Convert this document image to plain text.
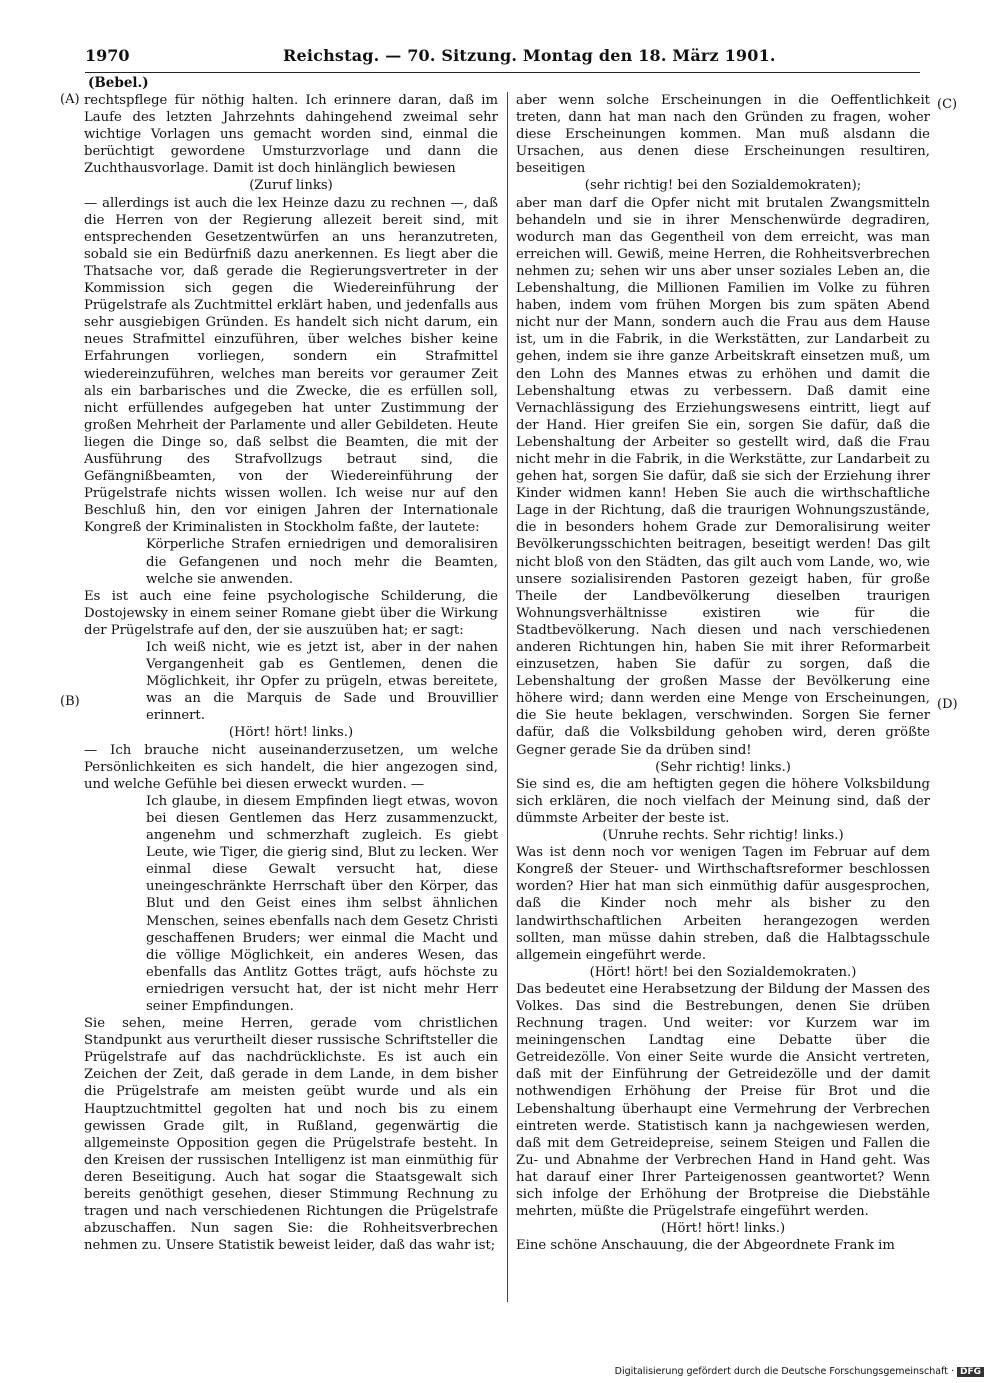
1970	Reichstag. — 70. Sitzung. Montag den 18. März 1901.
(Bebel.)
(A)
(B)
(C)
(D)

rechtspflege für nöthig halten. Ich erinnere daran, daß im Laufe des letzten Jahrzehnts dahingehend zweimal sehr wichtige Vorlagen uns gemacht worden sind, einmal die berüchtigt gewordene Umsturzvorlage und dann die Zuchthausvorlage. Damit ist doch hinlänglich bewiesen

(Zuruf links)

— allerdings ist auch die lex Heinze dazu zu rechnen —, daß die Herren von der Regierung allezeit bereit sind, mit entsprechenden Gesetzentwürfen an uns heranzutreten, sobald sie ein Bedürfniß dazu anerkennen. Es liegt aber die Thatsache vor, daß gerade die Regierungsvertreter in der Kommission sich gegen die Wiedereinführung der Prügelstrafe als Zuchtmittel erklärt haben, und jedenfalls aus sehr ausgiebigen Gründen. Es handelt sich nicht darum, ein neues Strafmittel einzuführen, über welches bisher keine Erfahrungen vorliegen, sondern ein Strafmittel wiedereinzuführen, welches man bereits vor geraumer Zeit als ein barbarisches und die Zwecke, die es erfüllen soll, nicht erfüllendes aufgegeben hat unter Zustimmung der großen Mehrheit der Parlamente und aller Gebildeten. Heute liegen die Dinge so, daß selbst die Beamten, die mit der Ausführung des Strafvollzugs betraut sind, die Gefängnißbeamten, von der Wiedereinführung der Prügelstrafe nichts wissen wollen. Ich weise nur auf den Beschluß hin, den vor einigen Jahren der Internationale Kongreß der Kriminalisten in Stockholm faßte, der lautete:

Körperliche Strafen erniedrigen und demoralisiren die Gefangenen und noch mehr die Beamten, welche sie anwenden.

Es ist auch eine feine psychologische Schilderung, die Dostojewsky in einem seiner Romane giebt über die Wirkung der Prügelstrafe auf den, der sie auszuüben hat; er sagt:

Ich weiß nicht, wie es jetzt ist, aber in der nahen Vergangenheit gab es Gentlemen, denen die Möglichkeit, ihr Opfer zu prügeln, etwas bereitete, was an die Marquis de Sade und Brouvillier erinnert.

(Hört! hört! links.)

— Ich brauche nicht auseinanderzusetzen, um welche Persönlichkeiten es sich handelt, die hier angezogen sind, und welche Gefühle bei diesen erweckt wurden. —

Ich glaube, in diesem Empfinden liegt etwas, wovon bei diesen Gentlemen das Herz zusammenzuckt, angenehm und schmerzhaft zugleich. Es giebt Leute, wie Tiger, die gierig sind, Blut zu lecken. Wer einmal diese Gewalt versucht hat, diese uneingeschränkte Herrschaft über den Körper, das Blut und den Geist eines ihm selbst ähnlichen Menschen, seines ebenfalls nach dem Gesetz Christi geschaffenen Bruders; wer einmal die Macht und die völlige Möglichkeit, ein anderes Wesen, das ebenfalls das Antlitz Gottes trägt, aufs höchste zu erniedrigen versucht hat, der ist nicht mehr Herr seiner Empfindungen.

Sie sehen, meine Herren, gerade vom christlichen Standpunkt aus verurtheilt dieser russische Schriftsteller die Prügelstrafe auf das nachdrücklichste. Es ist auch ein Zeichen der Zeit, daß gerade in dem Lande, in dem bisher die Prügelstrafe am meisten geübt wurde und als ein Hauptzuchtmittel gegolten hat und noch bis zu einem gewissen Grade gilt, in Rußland, gegenwärtig die allgemeinste Opposition gegen die Prügelstrafe besteht. In den Kreisen der russischen Intelligenz ist man einmüthig für deren Beseitigung. Auch hat sogar die Staatsgewalt sich bereits genöthigt gesehen, dieser Stimmung Rechnung zu tragen und nach verschiedenen Richtungen die Prügelstrafe abzuschaffen. Nun sagen Sie: die Rohheitsverbrechen nehmen zu. Unsere Statistik beweist leider, daß das wahr ist;

aber wenn solche Erscheinungen in die Oeffentlichkeit treten, dann hat man nach den Gründen zu fragen, woher diese Erscheinungen kommen. Man muß alsdann die Ursachen, aus denen diese Erscheinungen resultiren, beseitigen

(sehr richtig! bei den Sozialdemokraten);

aber man darf die Opfer nicht mit brutalen Zwangsmitteln behandeln und sie in ihrer Menschenwürde degradiren, wodurch man das Gegentheil von dem erreicht, was man erreichen will. Gewiß, meine Herren, die Rohheitsverbrechen nehmen zu; sehen wir uns aber unser soziales Leben an, die Lebenshaltung, die Millionen Familien im Volke zu führen haben, indem vom frühen Morgen bis zum späten Abend nicht nur der Mann, sondern auch die Frau aus dem Hause ist, um in die Fabrik, in die Werkstätten, zur Landarbeit zu gehen, indem sie ihre ganze Arbeitskraft einsetzen muß, um den Lohn des Mannes etwas zu erhöhen und damit die Lebenshaltung etwas zu verbessern. Daß damit eine Vernachlässigung des Erziehungswesens eintritt, liegt auf der Hand. Hier greifen Sie ein, sorgen Sie dafür, daß die Lebenshaltung der Arbeiter so gestellt wird, daß die Frau nicht mehr in die Fabrik, in die Werkstätte, zur Landarbeit zu gehen hat, sorgen Sie dafür, daß sie sich der Erziehung ihrer Kinder widmen kann! Heben Sie auch die wirthschaftliche Lage in der Richtung, daß die traurigen Wohnungszustände, die in besonders hohem Grade zur Demoralisirung weiter Bevölkerungsschichten beitragen, beseitigt werden! Das gilt nicht bloß von den Städten, das gilt auch vom Lande, wo, wie unsere sozialisirenden Pastoren gezeigt haben, für große Theile der Landbevölkerung dieselben traurigen Wohnungsverhältnisse existiren wie für die Stadtbevölkerung. Nach diesen und nach verschiedenen anderen Richtungen hin, haben Sie mit ihrer Reformarbeit einzusetzen, haben Sie dafür zu sorgen, daß die Lebenshaltung der großen Masse der Bevölkerung eine höhere wird; dann werden eine Menge von Erscheinungen, die Sie heute beklagen, verschwinden. Sorgen Sie ferner dafür, daß die Volksbildung gehoben wird, deren größte Gegner gerade Sie da drüben sind!

(Sehr richtig! links.)

Sie sind es, die am heftigten gegen die höhere Volksbildung sich erklären, die noch vielfach der Meinung sind, daß der dümmste Arbeiter der beste ist.

(Unruhe rechts. Sehr richtig! links.)

Was ist denn noch vor wenigen Tagen im Februar auf dem Kongreß der Steuer- und Wirthschaftsreformer beschlossen worden? Hier hat man sich einmüthig dafür ausgesprochen, daß die Kinder noch mehr als bisher zu den landwirthschaftlichen Arbeiten herangezogen werden sollten, man müsse dahin streben, daß die Halbtagsschule allgemein eingeführt werde.

(Hört! hört! bei den Sozialdemokraten.)

Das bedeutet eine Herabsetzung der Bildung der Massen des Volkes. Das sind die Bestrebungen, denen Sie drüben Rechnung tragen. Und weiter: vor Kurzem war im meiningenschen Landtag eine Debatte über die Getreidezölle. Von einer Seite wurde die Ansicht vertreten, daß mit der Einführung der Getreidezölle und der damit nothwendigen Erhöhung der Preise für Brot und die Lebenshaltung überhaupt eine Vermehrung der Verbrechen eintreten werde. Statistisch kann ja nachgewiesen werden, daß mit dem Getreidepreise, seinem Steigen und Fallen die Zu- und Abnahme der Verbrechen Hand in Hand geht. Was hat darauf einer Ihrer Parteigenossen geantwortet? Wenn sich infolge der Erhöhung der Brotpreise die Diebstähle mehrten, müßte die Prügelstrafe eingeführt werden.

(Hört! hört! links.)

Eine schöne Anschauung, die der Abgeordnete Frank im

Digitalisierung gefördert durch die Deutsche Forschungsgemeinschaft · DFG
